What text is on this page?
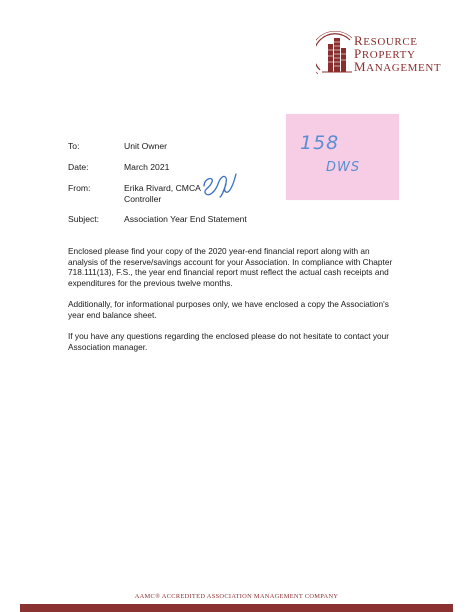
RESOURCE
PROPERTY
MANAGEMENT
158
DWS
To:	Unit Owner
Date:	March 2021
From:	Erika Rivard, CMCA
Controller
Subject:	Association Year End Statement
Enclosed please find your copy of the 2020 year-end financial report along with an analysis of the reserve/savings account for your Association. In compliance with Chapter 718.111(13), F.S., the year end financial report must reflect the actual cash receipts and expenditures for the previous twelve months.
Additionally, for informational purposes only, we have enclosed a copy the Association's year end balance sheet.
If you have any questions regarding the enclosed please do not hesitate to contact your Association manager.
AAMC® ACCREDITED ASSOCIATION MANAGEMENT COMPANY
